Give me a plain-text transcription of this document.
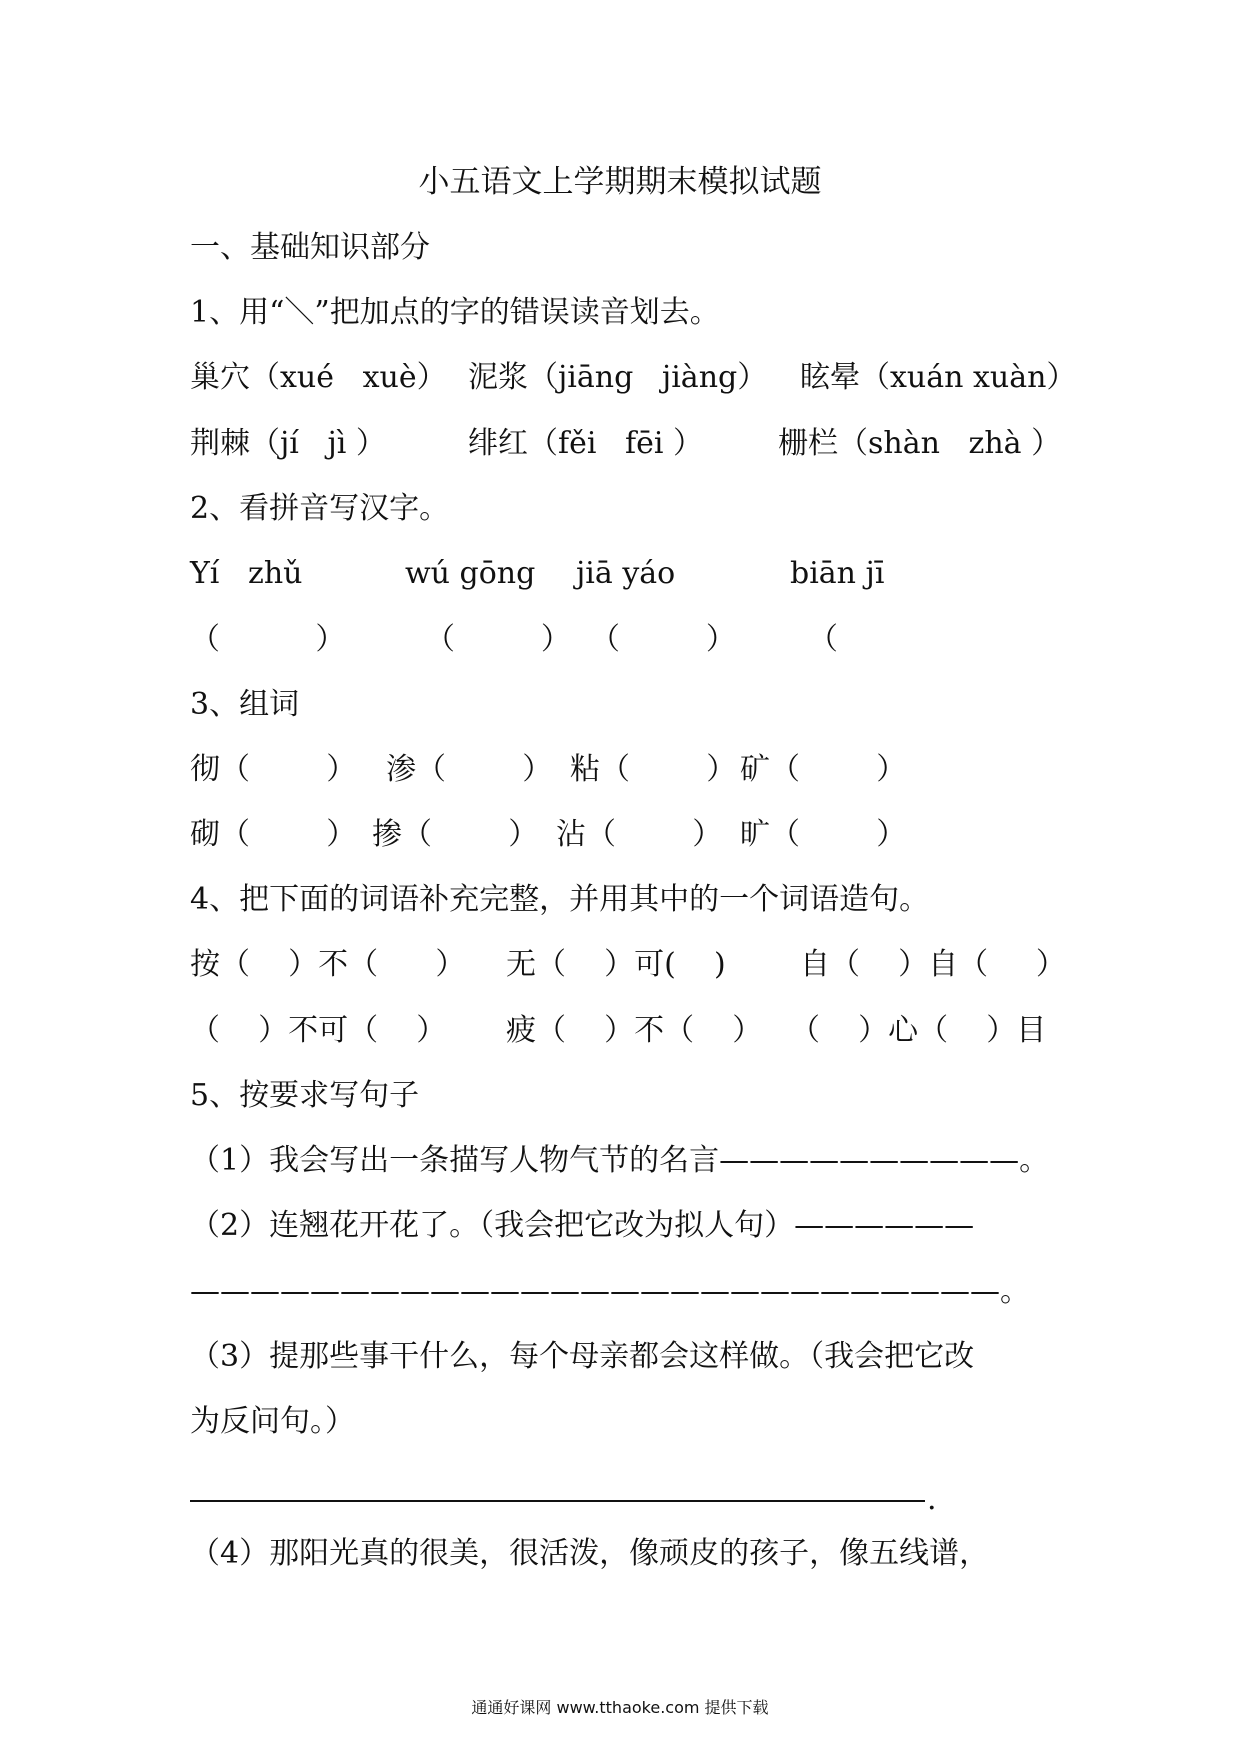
小五语文上学期期末模拟试题
一、基础知识部分
1、用“＼”把加点的字的错误读音划去。
巢穴（xué   xuè） 泥浆（jiāng   jiàng） 眩晕（xuán xuàn）
荆棘（jí   jì ）	绯红（fěi   fēi ） 栅栏（shàn   zhà ）
2、看拼音写汉字。
Yí   zhǔ	wú gōng jiā yáo	biān jī
（          ）	（         ） （         ） （
3、组词
彻（        ） 渗（        ） 粘（        ） 矿（        ）
砌（        ） 掺（        ） 沾（        ） 旷（        ）
4、把下面的词语补充完整，并用其中的一个词语造句。
按（    ）不（      ） 无（    ）可(    ) 自（    ）自（     ）
（    ）不可（    ） 疲（    ）不（    ） （    ）心（    ）目
5、按要求写句子
（1）我会写出一条描写人物气节的名言——————————。
（2）连翘花开花了。（我会把它改为拟人句）——————
———————————————————————————。
（3）提那些事干什么，每个母亲都会这样做。（我会把它改
为反问句。）
.
（4）那阳光真的很美，很活泼，像顽皮的孩子，像五线谱，
通通好课网 www.tthaoke.com 提供下载
